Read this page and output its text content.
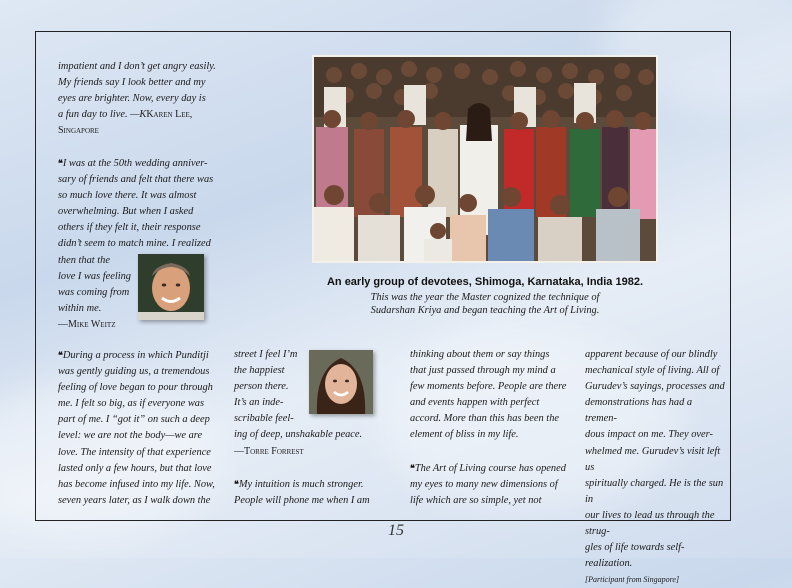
impatient and I don’t get angry easily.

My friends say I look better and my

eyes are brighter. Now, every day is

a fun day to live. —KKaren Lee,

Singapore

❝I was at the 50th wedding anniver-

sary of friends and felt that there was

so much love there. It was almost

overwhelming. But when I asked

others if they felt it, their response

didn’t seem to match mine. I realized

then that the

love I was feeling

was coming from

within me.

—Mike Weitz

An early group of devotees, Shimoga, Karnataka, India 1982.
This was the year the Master cognized the technique of
Sudarshan Kriya and began teaching the Art of Living.

❝During a process in which Punditji

was gently guiding us, a tremendous

feeling of love began to pour through

me. I felt so big, as if everyone was

part of me. I “got it” on such a deep

level: we are not the body—we are

love. The intensity of that experience

lasted only a few hours, but that love

has become infused into my life. Now,

seven years later, as I walk down the

street I feel I’m

the happiest

person there.

It’s an inde-

scribable feel-

ing of deep, unshakable peace.

—Torre Forrest

❝My intuition is much stronger.

People will phone me when I am

thinking about them or say things

that just passed through my mind a

few moments before. People are there

and events happen with perfect

accord. More than this has been the

element of bliss in my life.

❝The Art of Living course has opened

my eyes to many new dimensions of

life which are so simple, yet not

apparent because of our blindly

mechanical style of living. All of

Gurudev’s sayings, processes and

demonstrations has had a tremen-

dous impact on me. They over-

whelmed me. Gurudev’s visit left us

spiritually charged. He is the sun in

our lives to lead us through the strug-

gles of life towards self-realization.

[Participant from Singapore]

15
